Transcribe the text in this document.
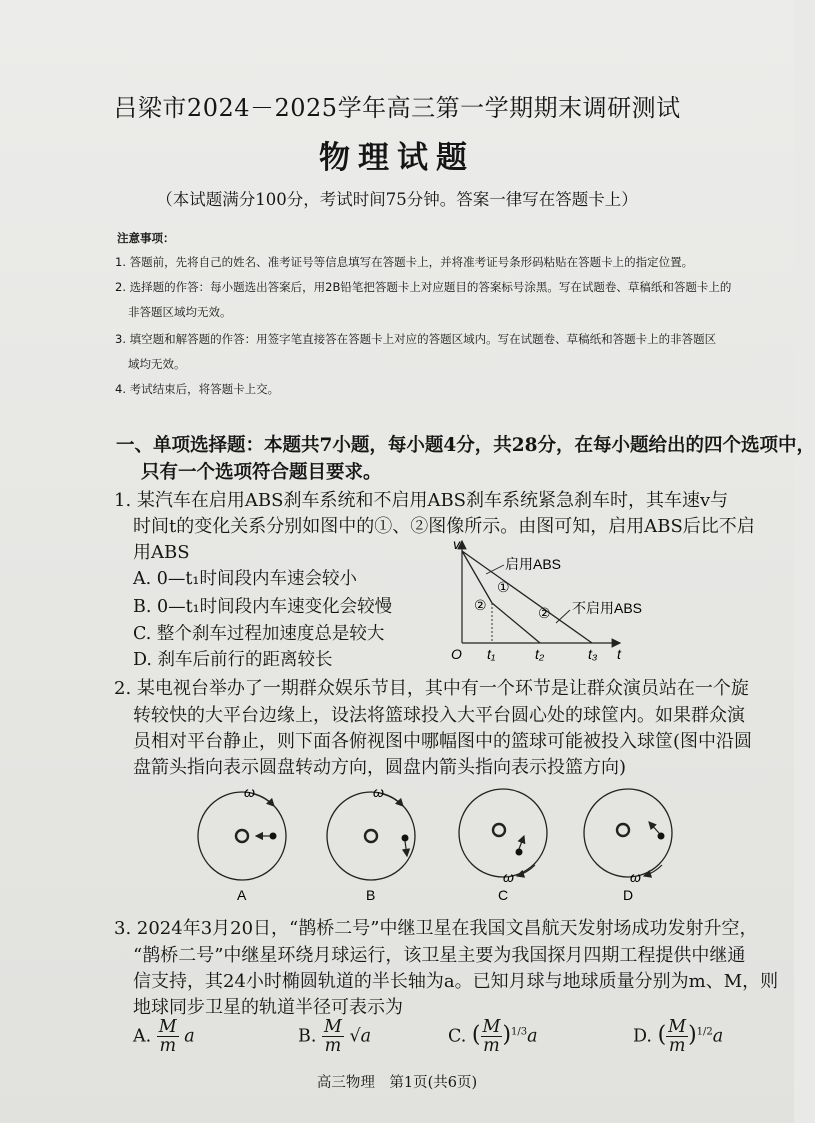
吕梁市2024－2025学年高三第一学期期末调研测试
物理试题
（本试题满分100分，考试时间75分钟。答案一律写在答题卡上）
注意事项：
1. 答题前，先将自己的姓名、准考证号等信息填写在答题卡上，并将准考证号条形码粘贴在答题卡上的指定位置。
2. 选择题的作答：每小题选出答案后，用2B铅笔把答题卡上对应题目的答案标号涂黑。写在试题卷、草稿纸和答题卡上的
非答题区域均无效。
3. 填空题和解答题的作答：用签字笔直接答在答题卡上对应的答题区域内。写在试题卷、草稿纸和答题卡上的非答题区
域均无效。
4. 考试结束后，将答题卡上交。
一、单项选择题：本题共7小题，每小题4分，共28分，在每小题给出的四个选项中，
只有一个选项符合题目要求。
1. 某汽车在启用ABS刹车系统和不启用ABS刹车系统紧急刹车时，其车速v与
时间t的变化关系分别如图中的①、②图像所示。由图可知，启用ABS后比不启
用ABS
A. 0—t₁时间段内车速会较小
B. 0—t₁时间段内车速变化会较慢
C. 整个刹车过程加速度总是较大
D. 刹车后前行的距离较长
v
t
O t₁	t₂	t₃
启用ABS
①
②	② 不启用ABS
2. 某电视台举办了一期群众娱乐节目，其中有一个环节是让群众演员站在一个旋
转较快的大平台边缘上，设法将篮球投入大平台圆心处的球筐内。如果群众演
员相对平台静止，则下面各俯视图中哪幅图中的篮球可能被投入球筐(图中沿圆
盘箭头指向表示圆盘转动方向，圆盘内箭头指向表示投篮方向)
ω
A
ω
B
ω
C
ω
D
3. 2024年3月20日，“鹊桥二号”中继卫星在我国文昌航天发射场成功发射升空，
“鹊桥二号”中继星环绕月球运行，该卫星主要为我国探月四期工程提供中继通
信支持，其24小时椭圆轨道的半长轴为a。已知月球与地球质量分别为m、M，则
地球同步卫星的轨道半径可表示为
A. $\frac{M}{m}$ a	B. $\frac{M}{m} √a$	C. ( $\frac{M}{m} )^{1/3}a$	D. ( $\frac{M}{m} )^{1/2}a$
高三物理　第1页(共6页)
